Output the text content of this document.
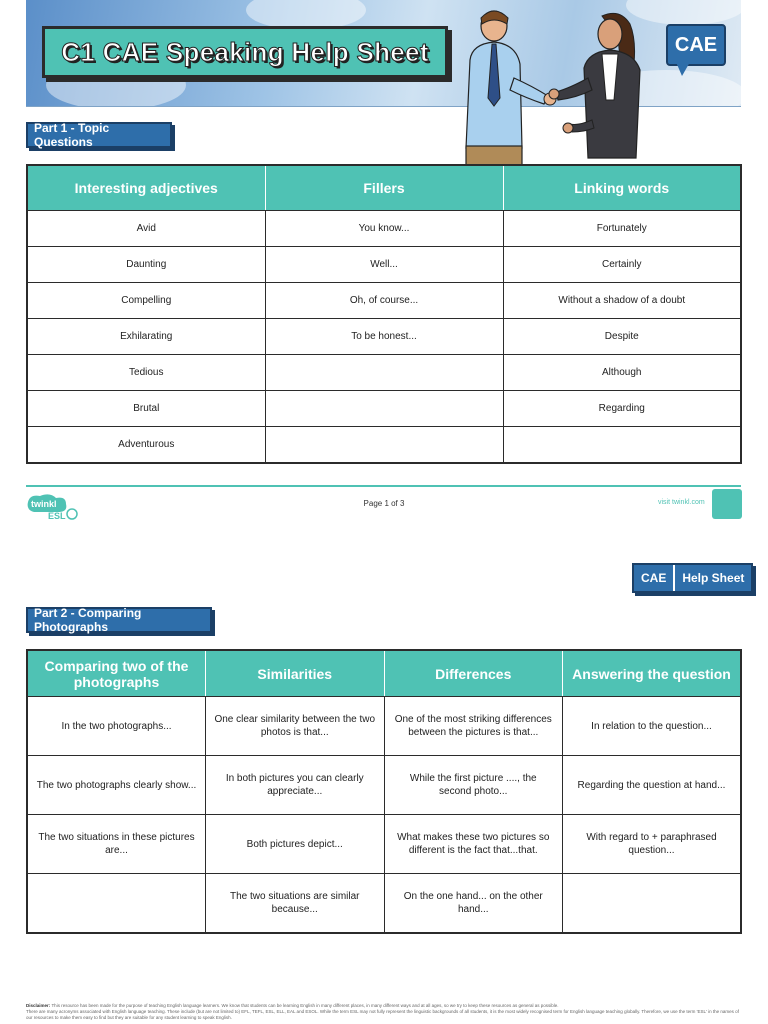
C1 CAE Speaking Help Sheet	CAE
Part 1 - Topic Questions
Interesting adjectives	Fillers	Linking words
Avid	You know...	Fortunately
Daunting	Well...	Certainly
Compelling	Oh, of course...	Without a shadow of a doubt
Exhilarating	To be honest...	Despite
Tedious		Although
Brutal		Regarding
Adventurous		
twinkl
ESL
Page 1 of 3	visit twinkl.com
CAE	Help Sheet
Part 2 - Comparing Photographs
Comparing two of the photographs	Similarities	Differences	Answering the question
In the two photographs...	One clear similarity between the two photos is that...	One of the most striking differences between the pictures is that...	In relation to the question...
The two photographs clearly show...	In both pictures you can clearly appreciate...	While the first picture ...., the second photo...	Regarding the question at hand...
The two situations in these pictures are...	Both pictures depict...	What makes these two pictures so different is the fact that...that.	With regard to + paraphrased question...
	The two situations are similar because...	On the one hand... on the other hand...	
Disclaimer: This resource has been made for the purpose of teaching English language learners. We know that students can be learning English in many different places, in many different ways and at all ages, so we try to keep these resources as general as possible.
There are many acronyms associated with English language teaching. These include (but are not limited to) EFL, TEFL, ESL, ELL, EAL and ESOL. While the term ESL may not fully represent the linguistic backgrounds of all students, it is the most widely recognised term for English language teaching globally. Therefore, we use the term 'ESL' in the names of our resources to make them easy to find but they are suitable for any student learning to speak English.
